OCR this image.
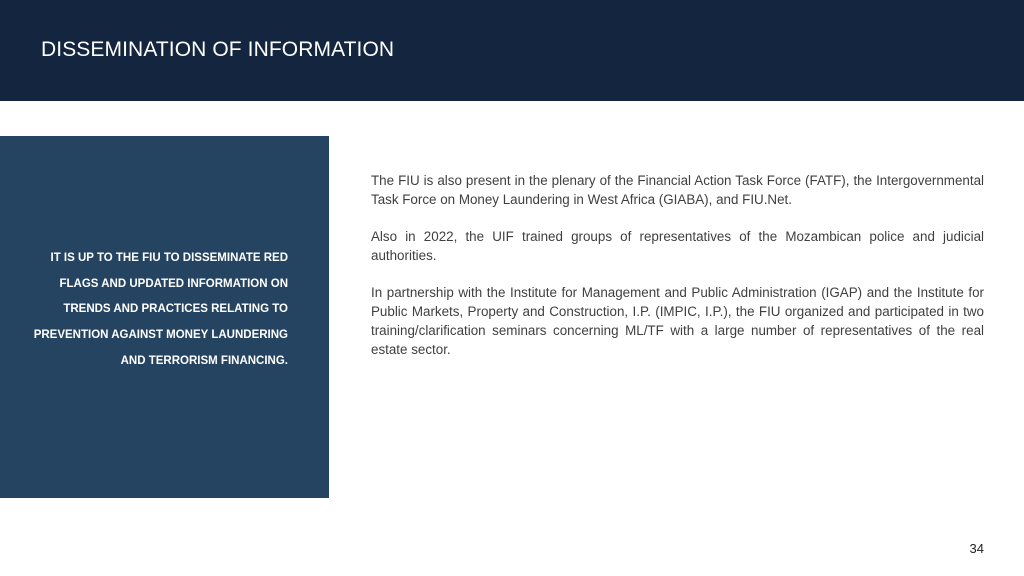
DISSEMINATION OF INFORMATION

IT IS UP TO THE FIU TO DISSEMINATE RED FLAGS AND UPDATED INFORMATION ON TRENDS AND PRACTICES RELATING TO PREVENTION AGAINST MONEY LAUNDERING AND TERRORISM FINANCING.

The FIU is also present in the plenary of the Financial Action Task Force (FATF), the Intergovernmental Task Force on Money Laundering in West Africa (GIABA), and FIU.Net.

Also in 2022, the UIF trained groups of representatives of the Mozambican police and judicial authorities.

In partnership with the Institute for Management and Public Administration (IGAP) and the Institute for Public Markets, Property and Construction, I.P. (IMPIC, I.P.), the FIU organized and participated in two training/clarification seminars concerning ML/TF with a large number of representatives of the real estate sector.

34
